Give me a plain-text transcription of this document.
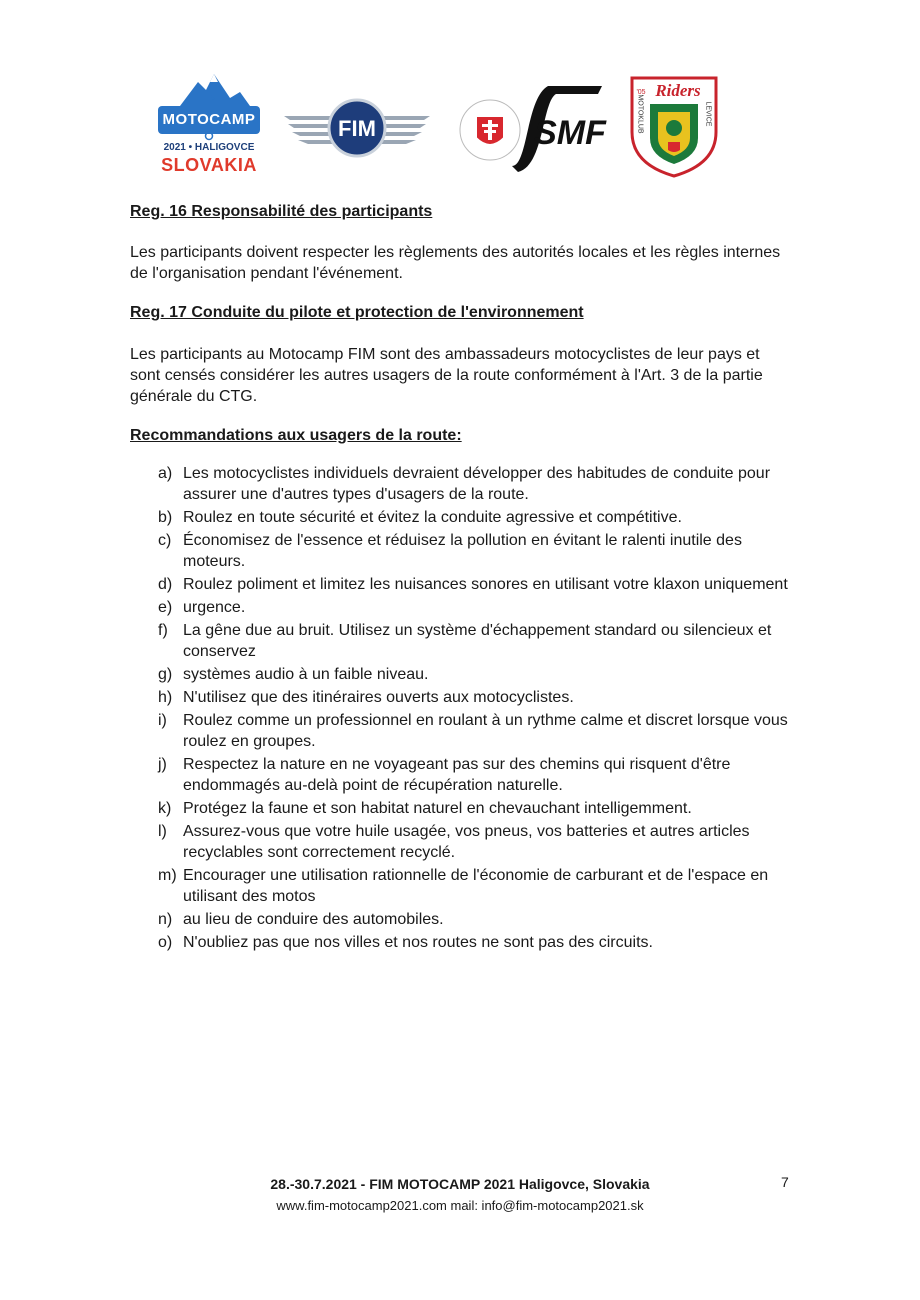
FIM
MOTOCAMP
2021 • HALIGOVCE
SLOVAKIA
FIM	SMF
Riders
'05
MOTOKLUB	LEVICE
Reg. 16 Responsabilité des participants

Les participants doivent respecter les règlements des autorités locales et les règles internes de l'organisation pendant l'événement.

Reg. 17 Conduite du pilote et protection de l'environnement

Les participants au Motocamp FIM sont des ambassadeurs motocyclistes de leur pays et sont censés considérer les autres usagers de la route conformément à l'Art. 3 de la partie générale du CTG.

Recommandations aux usagers de la route:
a) Les motocyclistes individuels devraient développer des habitudes de conduite pour assurer une d'autres types d'usagers de la route.
b) Roulez en toute sécurité et évitez la conduite agressive et compétitive.
c) Économisez de l'essence et réduisez la pollution en évitant le ralenti inutile des moteurs.
d) Roulez poliment et limitez les nuisances sonores en utilisant votre klaxon uniquement
e) urgence.
f) La gêne due au bruit. Utilisez un système d'échappement standard ou silencieux et conservez
g) systèmes audio à un faible niveau.
h) N'utilisez que des itinéraires ouverts aux motocyclistes.
i) Roulez comme un professionnel en roulant à un rythme calme et discret lorsque vous roulez en groupes.
j) Respectez la nature en ne voyageant pas sur des chemins qui risquent d'être endommagés au-delà point de récupération naturelle.
k) Protégez la faune et son habitat naturel en chevauchant intelligemment.
l) Assurez-vous que votre huile usagée, vos pneus, vos batteries et autres articles recyclables sont correctement recyclé.
m) Encourager une utilisation rationnelle de l'économie de carburant et de l'espace en utilisant des motos
n) au lieu de conduire des automobiles.
o) N'oubliez pas que nos villes et nos routes ne sont pas des circuits.
28.-30.7.2021 - FIM MOTOCAMP 2021 Haligovce, Slovakia
www.fim-motocamp2021.com mail: info@fim-motocamp2021.sk
7
